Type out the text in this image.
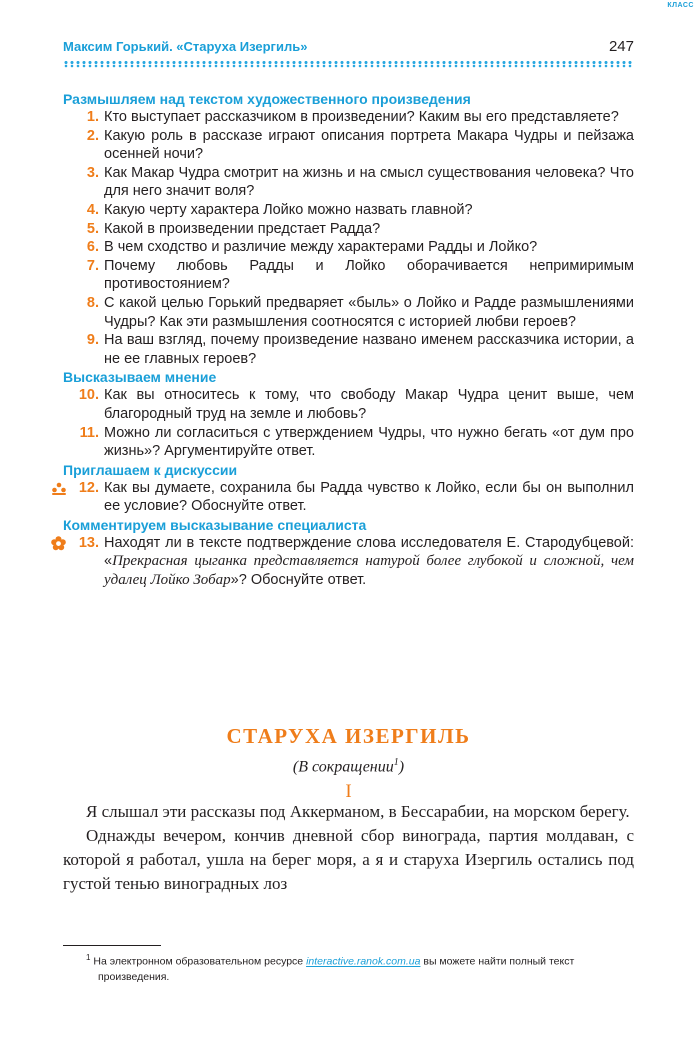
КЛАСС
Максим Горький. «Старуха Изергиль»	247
Размышляем над текстом художественного произведения
1. Кто выступает рассказчиком в произведении? Каким вы его представляете?
2. Какую роль в рассказе играют описания портрета Макара Чудры и пейзажа осенней ночи?
3. Как Макар Чудра смотрит на жизнь и на смысл существования человека? Что для него значит воля?
4. Какую черту характера Лойко можно назвать главной?
5. Какой в произведении предстает Радда?
6. В чем сходство и различие между характерами Радды и Лойко?
7. Почему любовь Радды и Лойко оборачивается непримиримым противостоянием?
8. С какой целью Горький предваряет «быль» о Лойко и Радде размышлениями Чудры? Как эти размышления соотносятся с историей любви героев?
9. На ваш взгляд, почему произведение названо именем рассказчика истории, а не ее главных героев?
Высказываем мнение
10. Как вы относитесь к тому, что свободу Макар Чудра ценит выше, чем благородный труд на земле и любовь?
11. Можно ли согласиться с утверждением Чудры, что нужно бегать «от дум про жизнь»? Аргументируйте ответ.
Приглашаем к дискуссии
12. Как вы думаете, сохранила бы Радда чувство к Лойко, если бы он выполнил ее условие? Обоснуйте ответ.
Комментируем высказывание специалиста
13. Находят ли в тексте подтверждение слова исследователя Е. Стародубцевой: «Прекрасная цыганка представляется натурой более глубокой и сложной, чем удалец Лойко Зобар»? Обоснуйте ответ.
СТАРУХА ИЗЕРГИЛЬ
(В сокращении$^1$)
I

Я слышал эти рассказы под Аккерманом, в Бессарабии, на морском берегу.

Однажды вечером, кончив дневной сбор винограда, партия молдаван, с которой я работал, ушла на берег моря, а я и старуха Изергиль остались под густой тенью виноградных лоз

$^1$ На электронном образовательном ресурсе interactive.ranok.com.ua вы можете найти полный текст произведения.
